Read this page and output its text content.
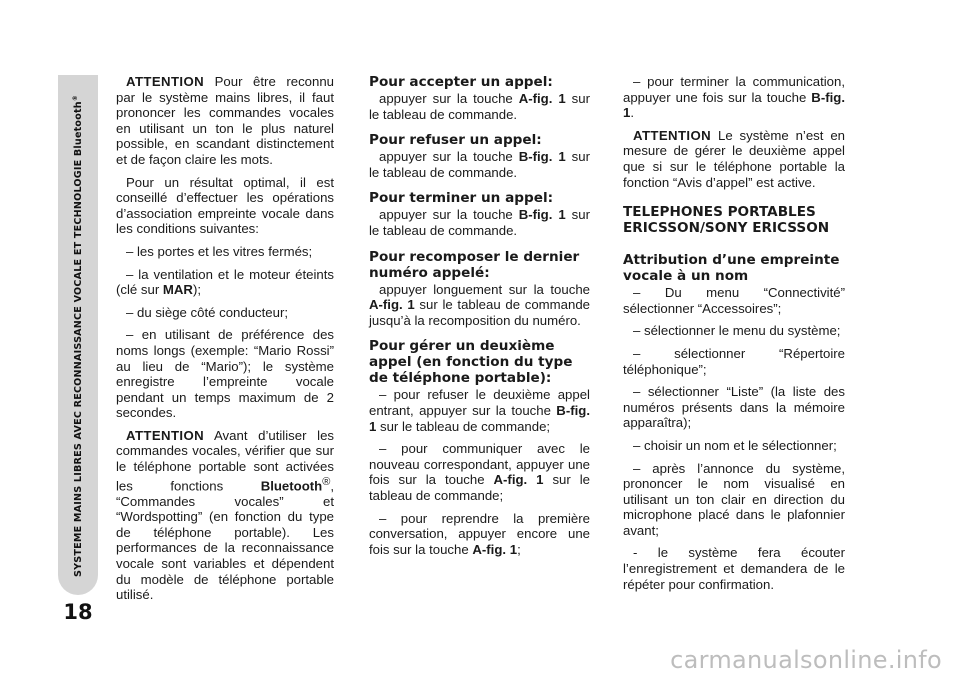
SYSTEME MAINS LIBRES AVEC RECONNAISSANCE VOCALE ET TECHNOLOGIE Bluetooth®
18

ATTENTION Pour être reconnu par le système mains libres, il faut prononcer les commandes vocales en utilisant un ton le plus naturel possible, en scandant distinctement et de façon claire les mots.

Pour un résultat optimal, il est conseillé d’effectuer les opérations d’association empreinte vocale dans les conditions suivantes:

– les portes et les vitres fermés;

– la ventilation et le moteur éteints (clé sur MAR);

– du siège côté conducteur;

– en utilisant de préférence des noms longs (exemple: “Mario Rossi” au lieu de “Mario”); le système enregistre l’empreinte vocale pendant un temps maximum de 2 secondes.

ATTENTION Avant d’utiliser les commandes vocales, vérifier que sur le téléphone portable sont activées les fonctions Bluetooth®, “Commandes vocales” et “Wordspotting” (en fonction du type de téléphone portable). Les performances de la reconnaissance vocale sont variables et dépendent du modèle de téléphone portable utilisé.

Pour accepter un appel:

appuyer sur la touche A-fig. 1 sur le tableau de commande.

Pour refuser un appel:

appuyer sur la touche B-fig. 1 sur le tableau de commande.

Pour terminer un appel:

appuyer sur la touche B-fig. 1 sur le tableau de commande.

Pour recomposer le dernier numéro appelé:

appuyer longuement sur la touche A-fig. 1 sur le tableau de commande jusqu’à la recomposition du numéro.

Pour gérer un deuxième appel (en fonction du type de téléphone portable):

– pour refuser le deuxième appel entrant, appuyer sur la touche B-fig. 1 sur le tableau de commande;

– pour communiquer avec le nouveau correspondant, appuyer une fois sur la touche A-fig. 1 sur le tableau de commande;

– pour reprendre la première conversation, appuyer encore une fois sur la touche A-fig. 1;

– pour terminer la communication, appuyer une fois sur la touche B-fig. 1.

ATTENTION Le système n’est en mesure de gérer le deuxième appel que si sur le téléphone portable la fonction “Avis d’appel” est active.

TELEPHONES PORTABLES ERICSSON/SONY ERICSSON
Attribution d’une empreinte vocale à un nom

– Du menu “Connectivité” sélectionner “Accessoires”;

– sélectionner le menu du système;

– sélectionner “Répertoire téléphonique”;

– sélectionner “Liste” (la liste des numéros présents dans la mémoire apparaîtra);

– choisir un nom et le sélectionner;

– après l’annonce du système, prononcer le nom visualisé en utilisant un ton clair en direction du microphone placé dans le plafonnier avant;

- le système fera écouter l’enregistrement et demandera de le répéter pour confirmation.

carmanualsonline.info
